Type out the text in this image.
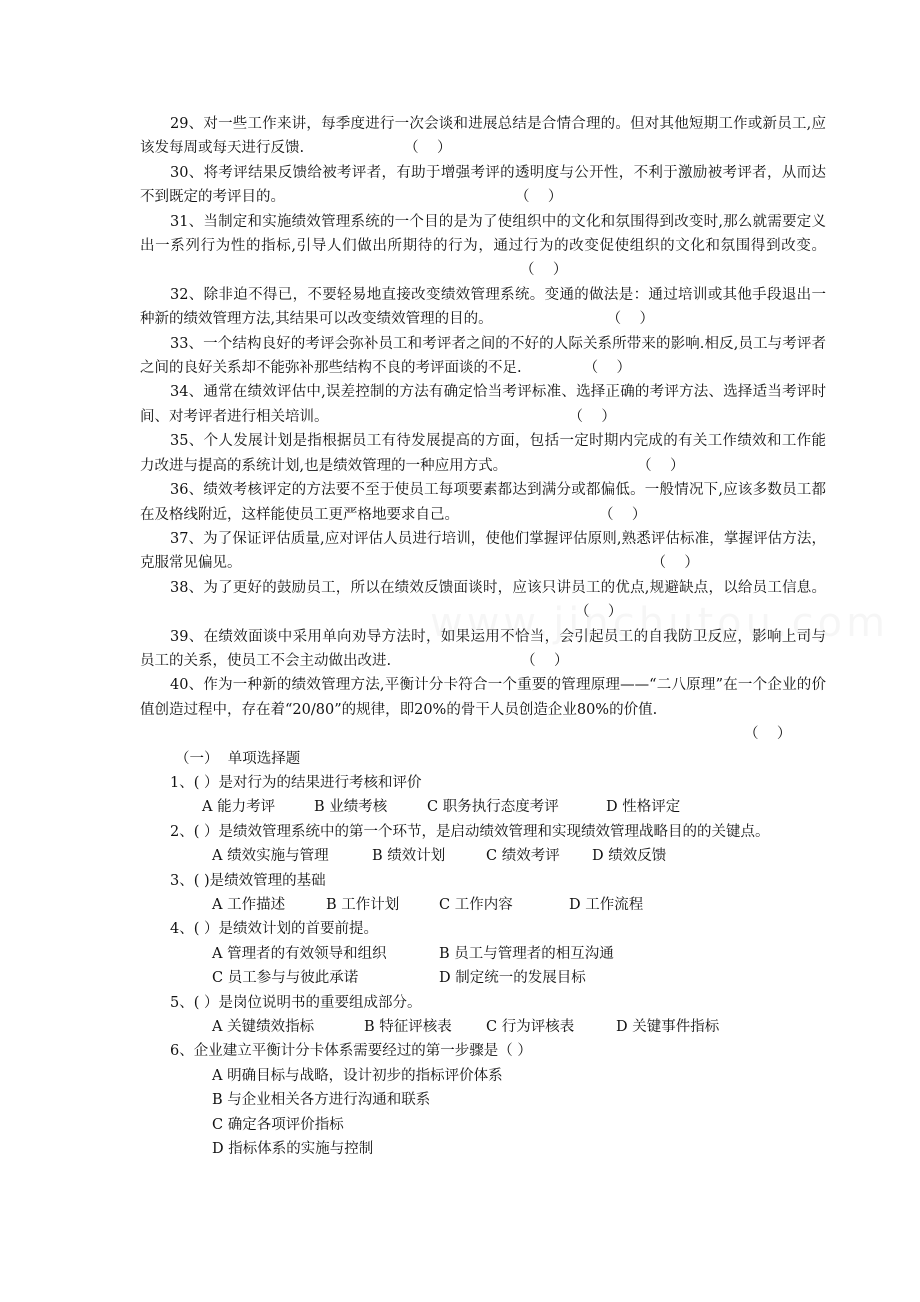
29、对一些工作来讲，每季度进行一次会谈和进展总结是合情合理的。但对其他短期工作或新员工,应该发每周或每天进行反馈.	（    ）

30、将考评结果反馈给被考评者，有助于增强考评的透明度与公开性，不利于激励被考评者，从而达不到既定的考评目的。	（    ）

31、当制定和实施绩效管理系统的一个目的是为了使组织中的文化和氛围得到改变时,那么就需要定义出一系列行为性的指标,引导人们做出所期待的行为，通过行为的改变促使组织的文化和氛围得到改变。（    ）

32、除非迫不得已，不要轻易地直接改变绩效管理系统。变通的做法是：通过培训或其他手段退出一种新的绩效管理方法,其结果可以改变绩效管理的目的。	（    ）

33、一个结构良好的考评会弥补员工和考评者之间的不好的人际关系所带来的影响.相反,员工与考评者之间的良好关系却不能弥补那些结构不良的考评面谈的不足.	（    ）

34、通常在绩效评估中,误差控制的方法有确定恰当考评标准、选择正确的考评方法、选择适当考评时间、对考评者进行相关培训。	（    ）

35、个人发展计划是指根据员工有待发展提高的方面，包括一定时期内完成的有关工作绩效和工作能力改进与提高的系统计划,也是绩效管理的一种应用方式。	（    ）

36、绩效考核评定的方法要不至于使员工每项要素都达到满分或都偏低。一般情况下,应该多数员工都在及格线附近，这样能使员工更严格地要求自己。	（    ）

37、为了保证评估质量,应对评估人员进行培训，使他们掌握评估原则,熟悉评估标准，掌握评估方法，克服常见偏见。	（    ）

38、为了更好的鼓励员工，所以在绩效反馈面谈时，应该只讲员工的优点,规避缺点，以给员工信息。（    ）

39、在绩效面谈中采用单向劝导方法时，如果运用不恰当，会引起员工的自我防卫反应，影响上司与员工的关系，使员工不会主动做出改进.	（    ）

40、作为一种新的绩效管理方法,平衡计分卡符合一个重要的管理原理——“二八原理”在一个企业的价值创造过程中，存在着“20/80”的规律，即20%的骨干人员创造企业80%的价值.
（    ）

（一）  单项选择题

1、( ）是对行为的结果进行考核和评价

A 能力考评	B 业绩考核	C 职务执行态度考评	D 性格评定

2、( ）是绩效管理系统中的第一个环节，是启动绩效管理和实现绩效管理战略目的的关键点。

A 绩效实施与管理	B 绩效计划	C 绩效考评 D 绩效反馈

3、( )是绩效管理的基础

A 工作描述	B 工作计划	C 工作内容	D 工作流程

4、( ）是绩效计划的首要前提。

A 管理者的有效领导和组织	B 员工与管理者的相互沟通

C 员工参与与彼此承诺	D 制定统一的发展目标

5、( ）是岗位说明书的重要组成部分。

A 关键绩效指标	B 特征评核表 C 行为评核表	D 关键事件指标

6、企业建立平衡计分卡体系需要经过的第一步骤是（ ）

A 明确目标与战略，设计初步的指标评价体系

B 与企业相关各方进行沟通和联系

C 确定各项评价指标

D 指标体系的实施与控制
